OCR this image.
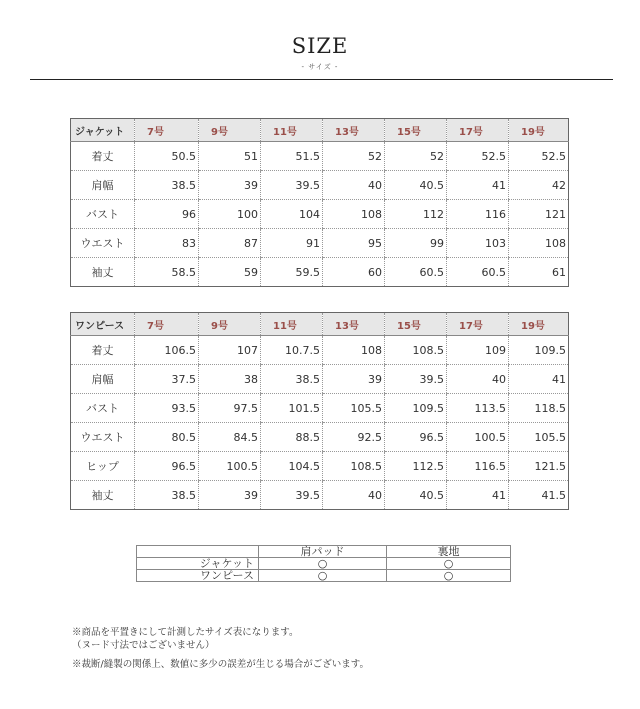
SIZE
- サイズ -
ジャケット	7号	9号	11号	13号	15号	17号	19号
着丈	50.5	51	51.5	52	52	52.5	52.5
肩幅	38.5	39	39.5	40	40.5	41	42
バスト	96	100	104	108	112	116	121
ウエスト	83	87	91	95	99	103	108
袖丈	58.5	59	59.5	60	60.5	60.5	61
ワンピース	7号	9号	11号	13号	15号	17号	19号
着丈	106.5	107	10.7.5	108	108.5	109	109.5
肩幅	37.5	38	38.5	39	39.5	40	41
バスト	93.5	97.5	101.5	105.5	109.5	113.5	118.5
ウエスト	80.5	84.5	88.5	92.5	96.5	100.5	105.5
ヒップ	96.5	100.5	104.5	108.5	112.5	116.5	121.5
袖丈	38.5	39	39.5	40	40.5	41	41.5
	肩パッド	裏地
ジャケット	○	○
ワンピース	○	○
※商品を平置きにして計測したサイズ表になります。
（ヌード寸法ではございません）
※裁断/縫製の関係上、数値に多少の誤差が生じる場合がございます。
